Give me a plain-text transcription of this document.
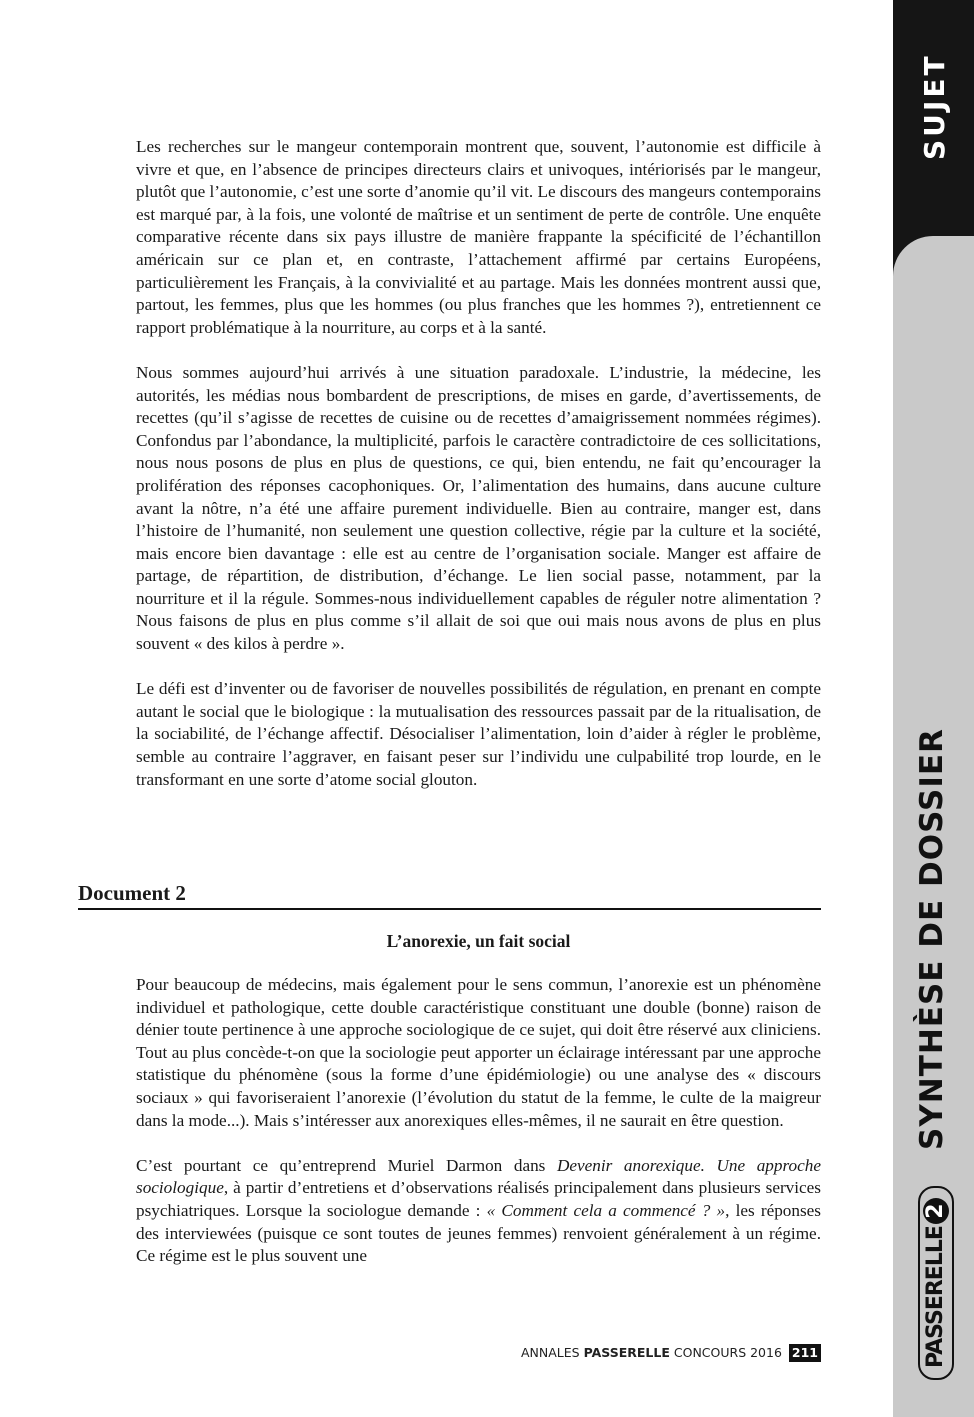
SUJET
SYNTHÈSE DE DOSSIER
PASSERELLE2

Les recherches sur le mangeur contemporain montrent que, souvent, l’autonomie est difficile à vivre et que, en l’absence de principes directeurs clairs et univoques, intériorisés par le mangeur, plutôt que l’autonomie, c’est une sorte d’anomie qu’il vit. Le discours des mangeurs contemporains est marqué par, à la fois, une volonté de maîtrise et un sentiment de perte de contrôle. Une enquête comparative récente dans six pays illustre de manière frappante la spécificité de l’échantillon américain sur ce plan et, en contraste, l’attachement affirmé par certains Européens, particulièrement les Français, à la convivialité et au partage. Mais les données montrent aussi que, partout, les femmes, plus que les hommes (ou plus franches que les hommes ?), entretiennent ce rapport problématique à la nourriture, au corps et à la santé.

Nous sommes aujourd’hui arrivés à une situation paradoxale. L’industrie, la médecine, les autorités, les médias nous bombardent de prescriptions, de mises en garde, d’avertissements, de recettes (qu’il s’agisse de recettes de cuisine ou de recettes d’amaigrissement nommées régimes). Confondus par l’abondance, la multiplicité, parfois le caractère contradictoire de ces sollicitations, nous nous posons de plus en plus de questions, ce qui, bien entendu, ne fait qu’encourager la prolifération des réponses cacophoniques. Or, l’alimentation des humains, dans aucune culture avant la nôtre, n’a été une affaire purement individuelle. Bien au contraire, manger est, dans l’histoire de l’humanité, non seulement une question collective, régie par la culture et la société, mais encore bien davantage : elle est au centre de l’organisation sociale. Manger est affaire de partage, de répartition, de distribution, d’échange. Le lien social passe, notamment, par la nourriture et il la régule. Sommes-nous individuellement capables de réguler notre alimentation ? Nous faisons de plus en plus comme s’il allait de soi que oui mais nous avons de plus en plus souvent « des kilos à perdre ».

Le défi est d’inventer ou de favoriser de nouvelles possibilités de régulation, en prenant en compte autant le social que le biologique : la mutualisation des ressources passait par de la ritualisation, de la sociabilité, de l’échange affectif. Désocialiser l’alimentation, loin d’aider à régler le problème, semble au contraire l’aggraver, en faisant peser sur l’individu une culpabilité trop lourde, en le transformant en une sorte d’atome social glouton.

Document 2
L’anorexie, un fait social

Pour beaucoup de médecins, mais également pour le sens commun, l’anorexie est un phénomène individuel et pathologique, cette double caractéristique constituant une double (bonne) raison de dénier toute pertinence à une approche sociologique de ce sujet, qui doit être réservé aux cliniciens. Tout au plus concède-t-on que la sociologie peut apporter un éclairage intéressant par une approche statistique du phénomène (sous la forme d’une épidémiologie) ou une analyse des « discours sociaux » qui favoriseraient l’anorexie (l’évolution du statut de la femme, le culte de la maigreur dans la mode...). Mais s’intéresser aux anorexiques elles-mêmes, il ne saurait en être question.

C’est pourtant ce qu’entreprend Muriel Darmon dans Devenir anorexique. Une approche sociologique, à partir d’entretiens et d’observations réalisés principalement dans plusieurs services psychiatriques. Lorsque la sociologue demande : « Comment cela a commencé ? », les réponses des interviewées (puisque ce sont toutes de jeunes femmes) renvoient généralement à un régime. Ce régime est le plus souvent une

ANNALES PASSERELLE CONCOURS 2016 211
